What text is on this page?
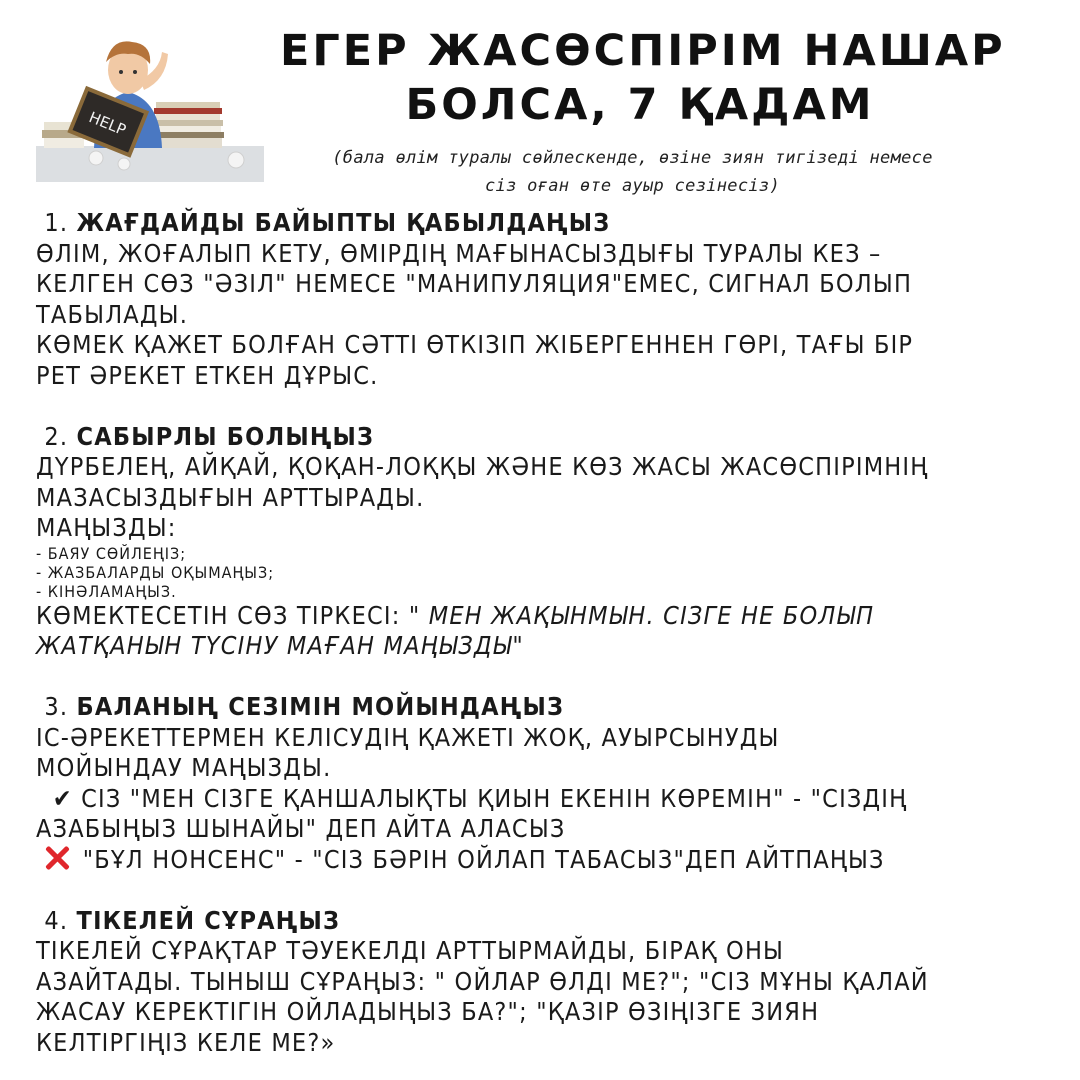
HELP
ЕГЕР ЖАСӨСПІРІМ НАШАР
БОЛСА, 7 ҚАДАМ
(бала өлім туралы сөйлескенде, өзіне зиян тигізеді немесе
сіз оған өте ауыр сезінесіз)
1. ЖАҒДАЙДЫ БАЙЫПТЫ ҚАБЫЛДАҢЫЗ
ӨЛІМ, ЖОҒАЛЫП КЕТУ, ӨМІРДІҢ МАҒЫНАСЫЗДЫҒЫ ТУРАЛЫ КЕЗ –
КЕЛГЕН СӨЗ "ӘЗІЛ" НЕМЕСЕ "МАНИПУЛЯЦИЯ"ЕМЕС, СИГНАЛ БОЛЫП
ТАБЫЛАДЫ.
КӨМЕК ҚАЖЕТ БОЛҒАН СӘТТІ ӨТКІЗІП ЖІБЕРГЕННЕН ГӨРІ, ТАҒЫ БІР
РЕТ ӘРЕКЕТ ЕТКЕН ДҰРЫС.
2. САБЫРЛЫ БОЛЫҢЫЗ
ДҮРБЕЛЕҢ, АЙҚАЙ, ҚОҚАН-ЛОҚҚЫ ЖӘНЕ КӨЗ ЖАСЫ ЖАСӨСПІРІМНІҢ
МАЗАСЫЗДЫҒЫН АРТТЫРАДЫ.
МАҢЫЗДЫ:
- БАЯУ СӨЙЛЕҢІЗ;
- ЖАЗБАЛАРДЫ ОҚЫМАҢЫЗ;
- КІНӘЛАМАҢЫЗ.
КӨМЕКТЕСЕТІН СӨЗ ТІРКЕСІ: " МЕН ЖАҚЫНМЫН. СІЗГЕ НЕ БОЛЫП
ЖАТҚАНЫН ТҮСІНУ МАҒАН МАҢЫЗДЫ"
3. БАЛАНЫҢ СЕЗІМІН МОЙЫНДАҢЫЗ
ІС-ӘРЕКЕТТЕРМЕН КЕЛІСУДІҢ ҚАЖЕТІ ЖОҚ, АУЫРСЫНУДЫ
МОЙЫНДАУ МАҢЫЗДЫ.
✔ СІЗ "МЕН СІЗГЕ ҚАНШАЛЫҚТЫ ҚИЫН ЕКЕНІН КӨРЕМІН" - "СІЗДІҢ
АЗАБЫҢЫЗ ШЫНАЙЫ" ДЕП АЙТА АЛАСЫЗ
"БҰЛ НОНСЕНС" - "СІЗ БӘРІН ОЙЛАП ТАБАСЫЗ"ДЕП АЙТПАҢЫЗ
4. ТІКЕЛЕЙ СҰРАҢЫЗ
ТІКЕЛЕЙ СҰРАҚТАР ТӘУЕКЕЛДІ АРТТЫРМАЙДЫ, БІРАҚ ОНЫ
АЗАЙТАДЫ. ТЫНЫШ СҰРАҢЫЗ: " ОЙЛАР ӨЛДІ МЕ?"; "СІЗ МҰНЫ ҚАЛАЙ
ЖАСАУ КЕРЕКТІГІН ОЙЛАДЫҢЫЗ БА?"; "ҚАЗІР ӨЗІҢІЗГЕ ЗИЯН
КЕЛТІРГІҢІЗ КЕЛЕ МЕ?»
